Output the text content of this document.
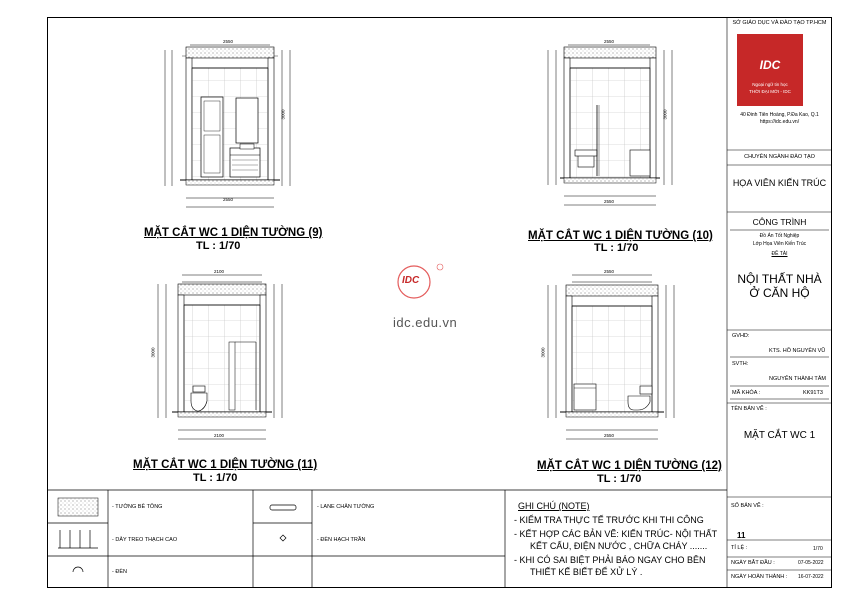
2550
2550
2550
2550
2100
2100
2550
2550
3000	3000
3000	3000
MẶT CẮT WC 1 DIỆN TƯỜNG (9)
TL : 1/70
MẶT CẮT WC 1 DIỆN TƯỜNG (10)
TL : 1/70
MẶT CẮT WC 1 DIỆN TƯỜNG (11)
TL : 1/70
MẶT CẮT WC 1 DIỆN TƯỜNG (12)
TL : 1/70
IDC
idc.edu.vn
SỞ GIÁO DỤC VÀ ĐÀO TẠO TP.HCM
IDC
Ngoại ngữ tin học
THỜI ĐẠI MỚI - IDC
40 Đinh Tiên Hoàng, P.Đa Kao, Q.1
https://idc.edu.vn/
CHUYÊN NGÀNH ĐÀO TẠO
HỌA VIÊN KIẾN TRÚC
CÔNG TRÌNH
Đồ Án Tốt Nghiệp
Lớp Họa Viên Kiến Trúc
ĐỀ TÀI
NỘI THẤT NHÀ Ở CĂN HỘ
GVHD:
KTS. HỒ NGUYÊN VŨ
SVTH:
NGUYỄN THÀNH TÂM
MÃ KHÓA :	KK91T3
TÊN BẢN VẼ :
MẶT CẮT WC 1
SỐ BẢN VẼ :
11
TỈ LỆ :	1/70
NGÀY BẮT ĐẦU :	07-05-2022
NGÀY HOÀN THÀNH : 16-07-2022
- TƯỜNG BÊ TÔNG
- DÂY TREO THẠCH CAO
- ĐÈN
- LANE CHÂN TƯỜNG
- ĐÈN HẠCH TRẦN
GHI CHÚ (NOTE)
- KIỂM TRA THỰC TẾ TRƯỚC KHI THI CÔNG
- KẾT HỢP CÁC BẢN VẼ: KIẾN TRÚC- NỘI THẤT
KẾT CẤU, ĐIỆN NƯỚC , CHỮA CHÁY .......
- KHI CÓ SAI BIỆT PHẢI BÁO NGAY CHO BÊN
THIẾT KẾ BIẾT ĐỂ XỬ LÝ .
